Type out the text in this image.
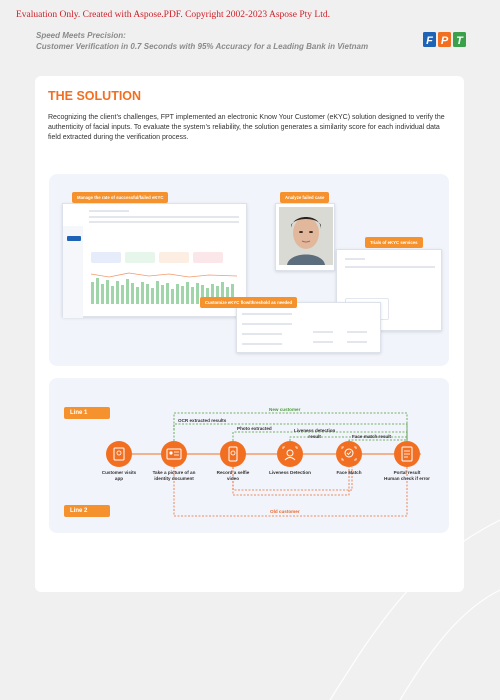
Evaluation Only. Created with Aspose.PDF. Copyright 2002-2023 Aspose Pty Ltd.
Speed Meets Precision:
Customer Verification in 0.7 Seconds with 95% Accuracy for a Leading Bank in Vietnam	F P T
THE SOLUTION
Recognizing the client’s challenges, FPT implemented an electronic Know Your Customer (eKYC) solution designed to verify the authenticity of facial inputs. To evaluate the system’s reliability, the solution generates a similarity score for each individual data field extracted during the verification process.
Manage the rate of successful/failed eKYC	Analyze failed case
Trials of eKYC services
Customize eKYC flow/threshold as needed
Line 1
Line 2
New customer
OCR extracted results
Photo extracted	Liveness detection
result	Face match result
Old customer
Customer visits
app
Take a picture of an
identity document
Record a selfie
video
Liveness Detection	Face Match	Portal result
Human check if error
